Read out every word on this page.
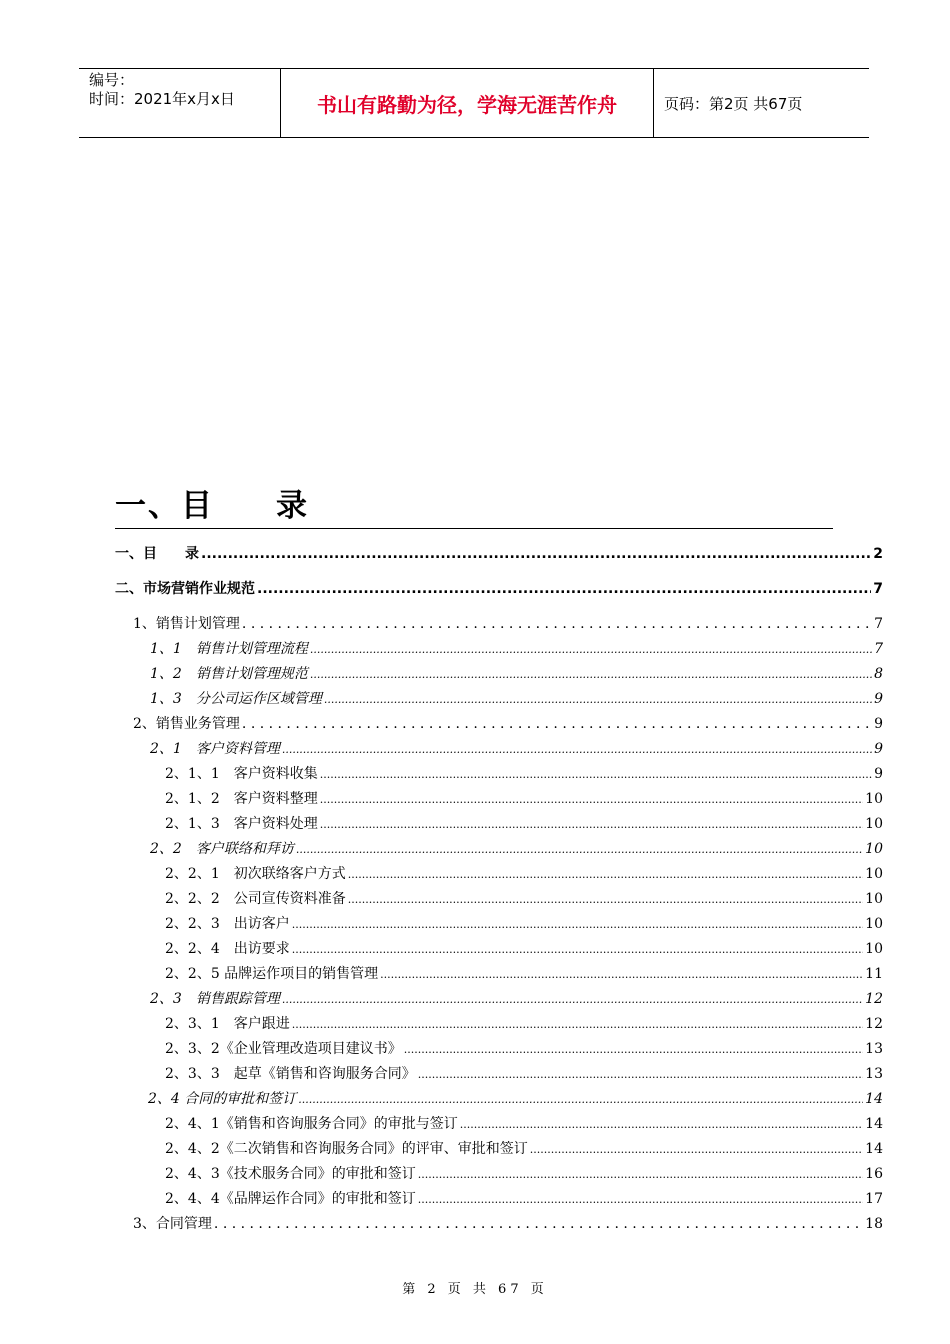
编号：
时间：2021年x月x日	书山有路勤为径，学海无涯苦作舟	页码：第2页 共67页
一、目 录
一、目　　录 .....	2
二、市场营销作业规范 .....	7
1、销售计划管理 . . .	7
1、1　销售计划管理流程 .....	7
1、2　销售计划管理规范 .....	8
1、3　分公司运作区域管理 .....	9
2、销售业务管理 . . .	9
2、1　客户资料管理 .....	9
2、1、1　客户资料收集 .....	9
2、1、2　客户资料整理 .....	10
2、1、3　客户资料处理 .....	10
2、2　客户联络和拜访 .....	10
2、2、1　初次联络客户方式 .....	10
2、2、2　公司宣传资料准备 .....	10
2、2、3　出访客户 .....	10
2、2、4　出访要求 .....	10
2、2、5 品牌运作项目的销售管理 .....	11
2、3　销售跟踪管理 .....	12
2、3、1　客户跟进 .....	12
2、3、2《企业管理改造项目建议书》 .....	13
2、3、3　起草《销售和咨询服务合同》 .....	13
2、4 合同的审批和签订 .....	14
2、4、1《销售和咨询服务合同》的审批与签订 .....	14
2、4、2《二次销售和咨询服务合同》的评审、审批和签订 .....	14
2、4、3《技术服务合同》的审批和签订 .....	16
2、4、4《品牌运作合同》的审批和签订 .....	17
3、合同管理 . . .	18
第 2 页 共 67 页
